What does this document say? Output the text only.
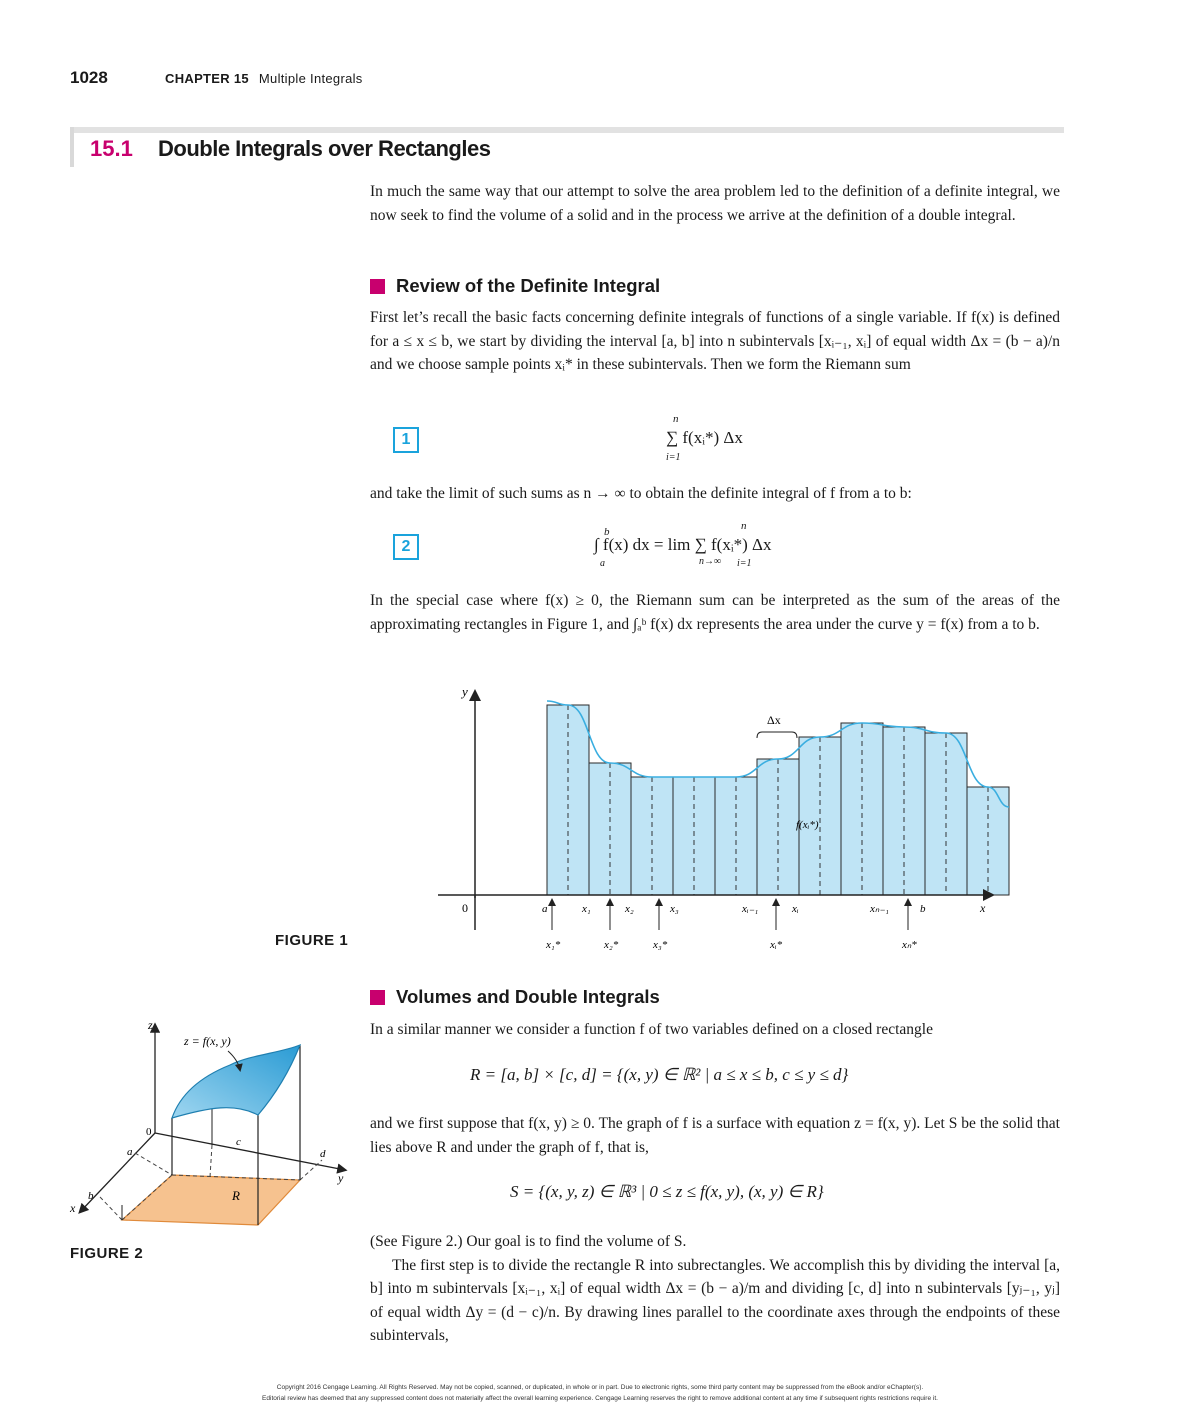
1028	CHAPTER 15 Multiple Integrals
15.1 Double Integrals over Rectangles

In much the same way that our attempt to solve the area problem led to the definition of a definite integral, we now seek to find the volume of a solid and in the process we arrive at the definition of a double integral.

Review of the Definite Integral

First let’s recall the basic facts concerning definite integrals of functions of a single variable. If f(x) is defined for a ≤ x ≤ b, we start by dividing the interval [a, b] into n subintervals [xᵢ₋₁, xᵢ] of equal width Δx = (b − a)/n and we choose sample points xᵢ* in these subintervals. Then we form the Riemann sum

1
n
∑ f(xᵢ*) Δx
i=1

and take the limit of such sums as n → ∞ to obtain the definite integral of f from a to b:

2
b	n
∫ f(x) dx = lim ∑ f(xᵢ*) Δx
a	n→∞ i=1

In the special case where f(x) ≥ 0, the Riemann sum can be interpreted as the sum of the areas of the approximating rectangles in Figure 1, and ∫ₐᵇ f(x) dx represents the area under the curve y = f(x) from a to b.

y
0	x
Δx
f(xᵢ*)
a	x₁	x₂	x₃	xᵢ₋₁	xᵢ	xₙ₋₁	b
x₁*	x₂*	x₃*	xᵢ*	xₙ*
FIGURE 1
Volumes and Double Integrals

In a similar manner we consider a function f of two variables defined on a closed rectangle

R = [a, b] × [c, d] = {(x, y) ∈ ℝ² | a ≤ x ≤ b, c ≤ y ≤ d}

and we first suppose that f(x, y) ≥ 0. The graph of f is a surface with equation z = f(x, y). Let S be the solid that lies above R and under the graph of f, that is,

S = {(x, y, z) ∈ ℝ³ | 0 ≤ z ≤ f(x, y), (x, y) ∈ R}

(See Figure 2.) Our goal is to find the volume of S.

The first step is to divide the rectangle R into subrectangles. We accomplish this by dividing the interval [a, b] into m subintervals [xᵢ₋₁, xᵢ] of equal width Δx = (b − a)/m and dividing [c, d] into n subintervals [yⱼ₋₁, yⱼ] of equal width Δy = (d − c)/n. By drawing lines parallel to the coordinate axes through the endpoints of these subintervals,

z
y
x
0
z = f(x, y)
a
b
c
d
R
FIGURE 2
Copyright 2016 Cengage Learning. All Rights Reserved. May not be copied, scanned, or duplicated, in whole or in part. Due to electronic rights, some third party content may be suppressed from the eBook and/or eChapter(s).
Editorial review has deemed that any suppressed content does not materially affect the overall learning experience. Cengage Learning reserves the right to remove additional content at any time if subsequent rights restrictions require it.
